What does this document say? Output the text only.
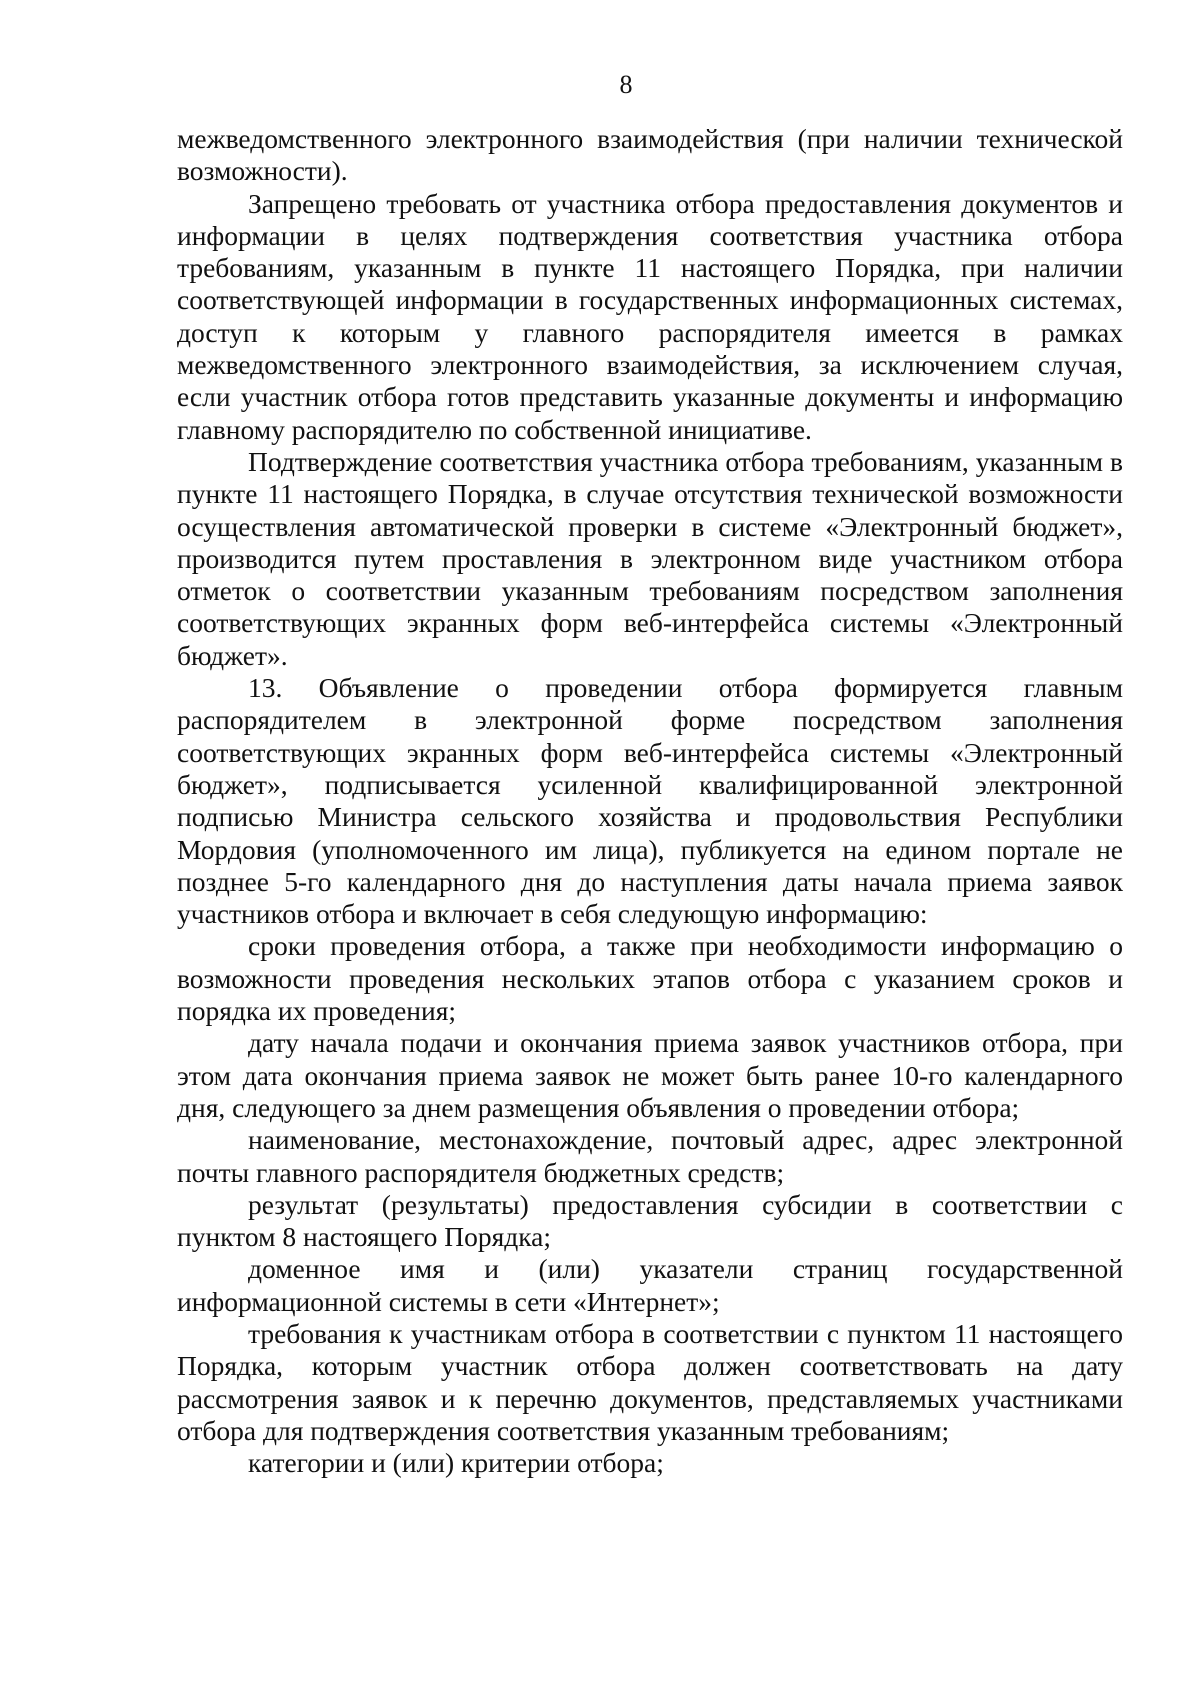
8

межведомственного электронного взаимодействия (при наличии технической возможности).

Запрещено требовать от участника отбора предоставления документов и информации в целях подтверждения соответствия участника отбора требованиям, указанным в пункте 11 настоящего Порядка, при наличии соответствующей информации в государственных информационных системах, доступ к которым у главного распорядителя имеется в рамках межведомственного электронного взаимодействия, за исключением случая, если участник отбора готов представить указанные документы и информацию главному распорядителю по собственной инициативе.

Подтверждение соответствия участника отбора требованиям, указанным в пункте 11 настоящего Порядка, в случае отсутствия технической возможности осуществления автоматической проверки в системе «Электронный бюджет», производится путем проставления в электронном виде участником отбора отметок о соответствии указанным требованиям посредством заполнения соответствующих экранных форм веб-интерфейса системы «Электронный бюджет».

13. Объявление о проведении отбора формируется главным распорядителем в электронной форме посредством заполнения соответствующих экранных форм веб-интерфейса системы «Электронный бюджет», подписывается усиленной квалифицированной электронной подписью Министра сельского хозяйства и продовольствия Республики Мордовия (уполномоченного им лица), публикуется на едином портале не позднее 5-го календарного дня до наступления даты начала приема заявок участников отбора и включает в себя следующую информацию:

сроки проведения отбора, а также при необходимости информацию о возможности проведения нескольких этапов отбора с указанием сроков и порядка их проведения;

дату начала подачи и окончания приема заявок участников отбора, при этом дата окончания приема заявок не может быть ранее 10-го календарного дня, следующего за днем размещения объявления о проведении отбора;

наименование, местонахождение, почтовый адрес, адрес электронной почты главного распорядителя бюджетных средств;

результат (результаты) предоставления субсидии в соответствии с пунктом 8 настоящего Порядка;

доменное имя и (или) указатели страниц государственной информационной системы в сети «Интернет»;

требования к участникам отбора в соответствии с пунктом 11 настоящего Порядка, которым участник отбора должен соответствовать на дату рассмотрения заявок и к перечню документов, представляемых участниками отбора для подтверждения соответствия указанным требованиям;

категории и (или) критерии отбора;
